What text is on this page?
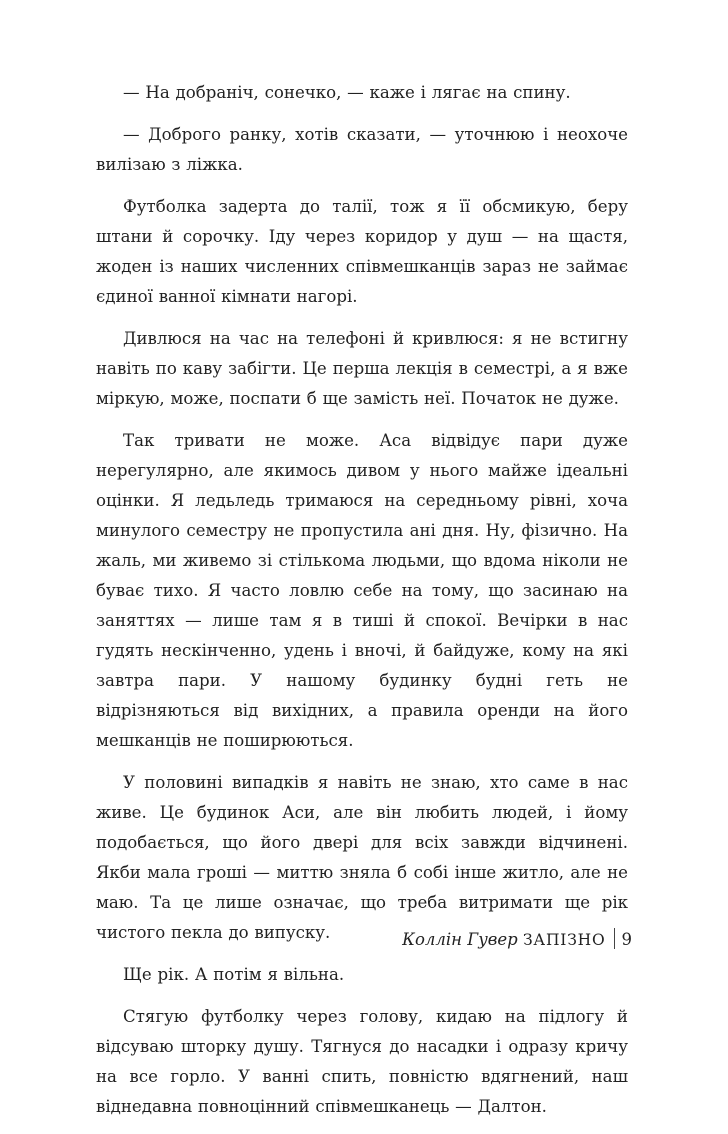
— На добраніч, сонечко, — каже і лягає на спину.

— Доброго ранку, хотів сказати, — уточнюю і неохоче вилізаю з ліжка.

Футболка задерта до талії, тож я її обсмикую, беру штани й сорочку. Іду через коридор у душ — на щастя, жоден із наших численних співмешканців зараз не займає єдиної ванної кімнати нагорі.

Дивлюся на час на телефоні й кривлюся: я не встигну навіть по каву забігти. Це перша лекція в семестрі, а я вже міркую, може, поспати б ще замість неї. Початок не дуже.

Так тривати не може. Аса відвідує пари дуже нерегулярно, але якимось дивом у нього майже ідеальні оцінки. Я ледьледь тримаюся на середньому рівні, хоча минулого семестру не пропустила ані дня. Ну, фізично. На жаль, ми живемо зі стількома людьми, що вдома ніколи не буває тихо. Я часто ловлю себе на тому, що засинаю на заняттях — лише там я в тиші й спокої. Вечірки в нас гудять нескінченно, удень і вночі, й байдуже, кому на які завтра пари. У нашому будинку будні геть не відрізняються від вихідних, а правила оренди на його мешканців не поширюються.

У половині випадків я навіть не знаю, хто саме в нас живе. Це будинок Аси, але він любить людей, і йому подобається, що його двері для всіх завжди відчинені. Якби мала гроші — миттю зняла б собі інше житло, але не маю. Та це лише означає, що треба витримати ще рік чистого пекла до випуску.

Ще рік. А потім я вільна.

Стягую футболку через голову, кидаю на підлогу й відсуваю шторку душу. Тягнуся до насадки і одразу кричу на все горло. У ванні спить, повністю вдягнений, наш віднедавна повноцінний співмешканець — Далтон.

Коллін Гувер ЗАПІЗНО 9
